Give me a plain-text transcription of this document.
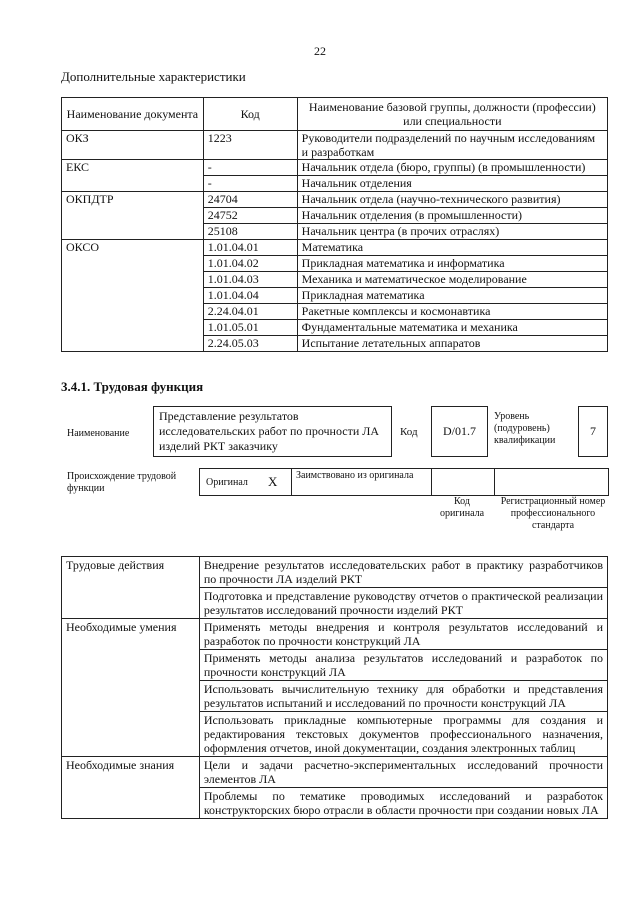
22
Дополнительные характеристики
Наименование документа	Код	Наименование базовой группы, должности (профессии) или специальности
ОКЗ	1223	Руководители подразделений по научным исследованиям и разработкам
ЕКС	-	Начальник отдела (бюро, группы) (в промышленности)
	-	Начальник отделения
ОКПДТР	24704	Начальник отдела (научно-технического развития)
	24752	Начальник отделения (в промышленности)
	25108	Начальник центра (в прочих отраслях)
ОКСО	1.01.04.01	Математика
	1.01.04.02	Прикладная математика и информатика
	1.01.04.03	Механика и математическое моделирование
	1.01.04.04	Прикладная математика
	2.24.04.01	Ракетные комплексы и космонавтика
	1.01.05.01	Фундаментальные математика и механика
	2.24.05.03	Испытание летательных аппаратов
3.4.1. Трудовая функция
Наименование
Представление результатов исследовательских работ по прочности ЛА изделий РКТ заказчику
Код	D/01.7
Уровень (подуровень) квалификации
7
Происхождение трудовой функции
Оригинал X Заимствовано из оригинала
Код оригинала
Регистрационный номер профессионального стандарта
Трудовые действия	Внедрение результатов исследовательских работ в практику разработчиков по прочности ЛА изделий РКТ
	Подготовка и представление руководству отчетов о практической реализации результатов исследований прочности изделий РКТ
Необходимые умения	Применять методы внедрения и контроля результатов исследований и разработок по прочности конструкций ЛА
	Применять методы анализа результатов исследований и разработок по прочности конструкций ЛА
	Использовать вычислительную технику для обработки и представления результатов испытаний и исследований по прочности конструкций ЛА
	Использовать прикладные компьютерные программы для создания и редактирования текстовых документов профессионального назначения, оформления отчетов, иной документации, создания электронных таблиц
Необходимые знания	Цели и задачи расчетно-экспериментальных исследований прочности элементов ЛА
	Проблемы по тематике проводимых исследований и разработок конструкторских бюро отрасли в области прочности при создании новых ЛА
